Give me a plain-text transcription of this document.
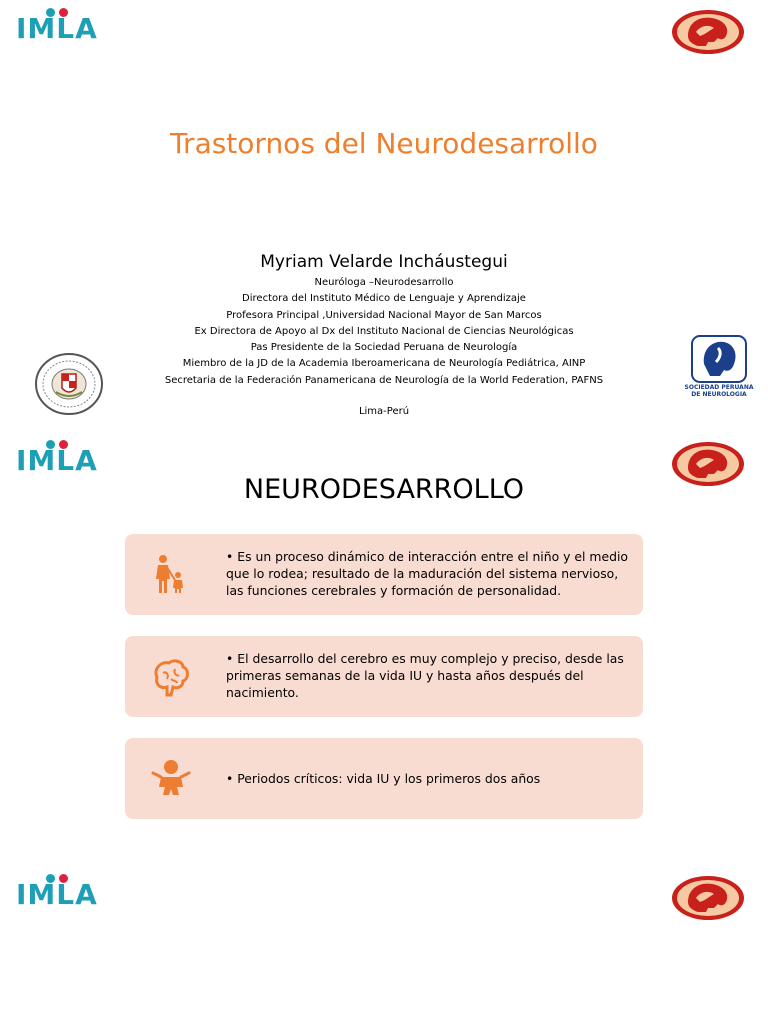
IMLA
Trastornos del Neurodesarrollo
Myriam Velarde Incháustegui
Neuróloga –Neurodesarrollo
Directora del Instituto Médico de Lenguaje y Aprendizaje
Profesora Principal ,Universidad Nacional Mayor de San Marcos
Ex Directora de Apoyo al Dx del Instituto Nacional de Ciencias Neurológicas
Pas Presidente de la Sociedad Peruana de Neurología
Miembro de la JD de la Academia Iberoamericana de Neurología Pediátrica, AINP
Secretaria de la Federación Panamericana de Neurología de la World Federation, PAFNS
Lima-Perú
SOCIEDAD PERUANA
DE NEUROLOGIA
IMLA
NEURODESARROLLO
• Es un proceso dinámico de interacción entre el niño y el medio que lo rodea; resultado de la maduración del sistema nervioso, las funciones cerebrales y formación de personalidad.
• El desarrollo del cerebro es muy complejo y preciso, desde las primeras semanas de la vida IU y hasta años después del nacimiento.
• Periodos críticos: vida IU y los primeros dos años
IMLA
